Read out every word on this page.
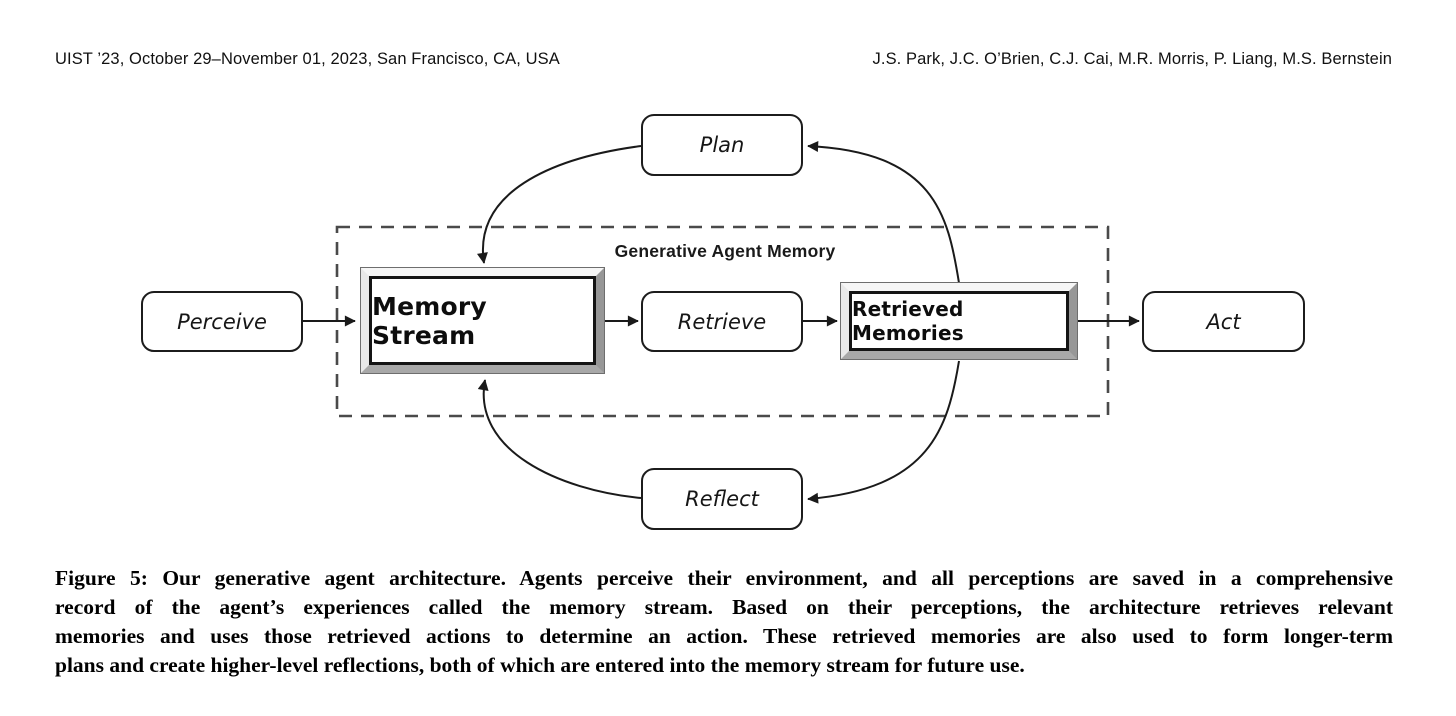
UIST ’23, October 29–November 01, 2023, San Francisco, CA, USA	J.S. Park, J.C. O’Brien, C.J. Cai, M.R. Morris, P. Liang, M.S. Bernstein
Generative Agent Memory
Plan
Perceive	Retrieve	Act
Reflect
Memory Stream
Retrieved Memories
Figure 5: Our generative agent architecture. Agents perceive their environment, and all perceptions are saved in a comprehensive
record of the agent’s experiences called the memory stream. Based on their perceptions, the architecture retrieves relevant
memories and uses those retrieved actions to determine an action. These retrieved memories are also used to form longer-term
plans and create higher-level reflections, both of which are entered into the memory stream for future use.
